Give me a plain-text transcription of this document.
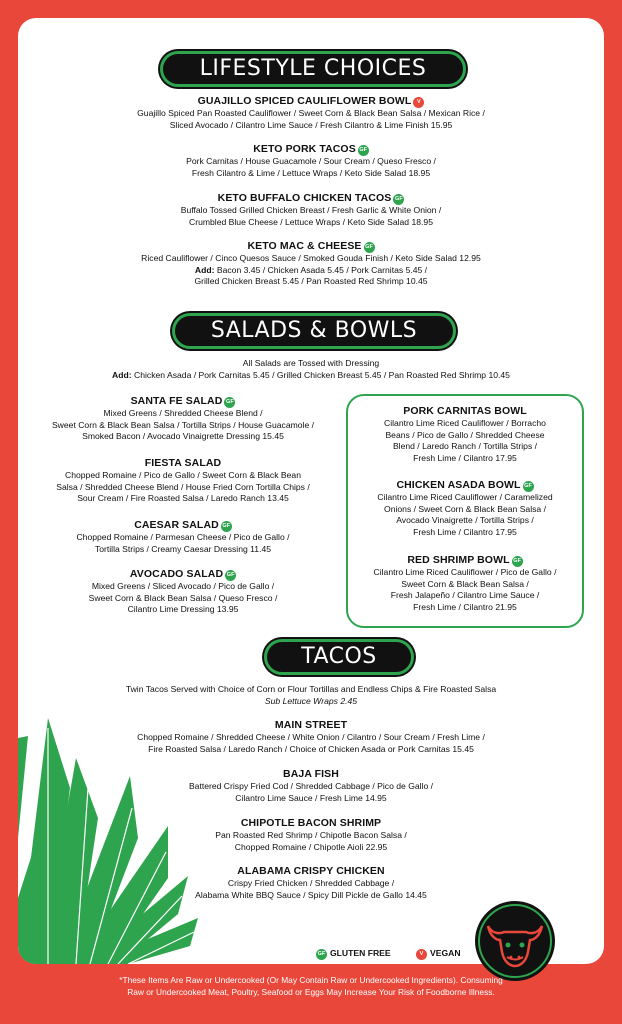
LIFESTYLE CHOICES
GUAJILLO SPICED CAULIFLOWER BOWL V
Guajillo Spiced Pan Roasted Cauliflower / Sweet Corn & Black Bean Salsa / Mexican Rice /
Sliced Avocado / Cilantro Lime Sauce / Fresh Cilantro & Lime Finish 15.95
KETO PORK TACOS GF
Pork Carnitas / House Guacamole / Sour Cream / Queso Fresco /
Fresh Cilantro & Lime / Lettuce Wraps / Keto Side Salad 18.95
KETO BUFFALO CHICKEN TACOS GF
Buffalo Tossed Grilled Chicken Breast / Fresh Garlic & White Onion /
Crumbled Blue Cheese / Lettuce Wraps / Keto Side Salad 18.95
KETO MAC & CHEESE GF
Riced Cauliflower / Cinco Quesos Sauce / Smoked Gouda Finish / Keto Side Salad 12.95
Add: Bacon 3.45 / Chicken Asada 5.45 / Pork Carnitas 5.45 /
Grilled Chicken Breast 5.45 / Pan Roasted Red Shrimp 10.45
SALADS & BOWLS
All Salads are Tossed with Dressing
Add: Chicken Asada / Pork Carnitas 5.45 / Grilled Chicken Breast 5.45 / Pan Roasted Red Shrimp 10.45
SANTA FE SALAD GF
Mixed Greens / Shredded Cheese Blend /
Sweet Corn & Black Bean Salsa / Tortilla Strips / House Guacamole /
Smoked Bacon / Avocado Vinaigrette Dressing 15.45
FIESTA SALAD
Chopped Romaine / Pico de Gallo / Sweet Corn & Black Bean
Salsa / Shredded Cheese Blend / House Fried Corn Tortilla Chips /
Sour Cream / Fire Roasted Salsa / Laredo Ranch 13.45
CAESAR SALAD GF
Chopped Romaine / Parmesan Cheese / Pico de Gallo /
Tortilla Strips / Creamy Caesar Dressing 11.45
AVOCADO SALAD GF
Mixed Greens / Sliced Avocado / Pico de Gallo /
Sweet Corn & Black Bean Salsa / Queso Fresco /
Cilantro Lime Dressing 13.95
PORK CARNITAS BOWL
Cilantro Lime Riced Cauliflower / Borracho
Beans / Pico de Gallo / Shredded Cheese
Blend / Laredo Ranch / Tortilla Strips /
Fresh Lime / Cilantro 17.95
CHICKEN ASADA BOWL GF
Cilantro Lime Riced Cauliflower / Caramelized
Onions / Sweet Corn & Black Bean Salsa /
Avocado Vinaigrette / Tortilla Strips /
Fresh Lime / Cilantro 17.95
RED SHRIMP BOWL GF
Cilantro Lime Riced Cauliflower / Pico de Gallo /
Sweet Corn & Black Bean Salsa /
Fresh Jalapeño / Cilantro Lime Sauce /
Fresh Lime / Cilantro 21.95
TACOS
Twin Tacos Served with Choice of Corn or Flour Tortillas and Endless Chips & Fire Roasted Salsa
Sub Lettuce Wraps 2.45
MAIN STREET
Chopped Romaine / Shredded Cheese / White Onion / Cilantro / Sour Cream / Fresh Lime /
Fire Roasted Salsa / Laredo Ranch / Choice of Chicken Asada or Pork Carnitas 15.45
BAJA FISH
Battered Crispy Fried Cod / Shredded Cabbage / Pico de Gallo /
Cilantro Lime Sauce / Fresh Lime 14.95
CHIPOTLE BACON SHRIMP
Pan Roasted Red Shrimp / Chipotle Bacon Salsa /
Chopped Romaine / Chipotle Aioli 22.95
ALABAMA CRISPY CHICKEN
Crispy Fried Chicken / Shredded Cabbage /
Alabama White BBQ Sauce / Spicy Dill Pickle de Gallo 14.45
GF GLUTEN FREE	V VEGAN
*These Items Are Raw or Undercooked (Or May Contain Raw or Undercooked Ingredients). Consuming
Raw or Undercooked Meat, Poultry, Seafood or Eggs May Increase Your Risk of Foodborne Illness.
